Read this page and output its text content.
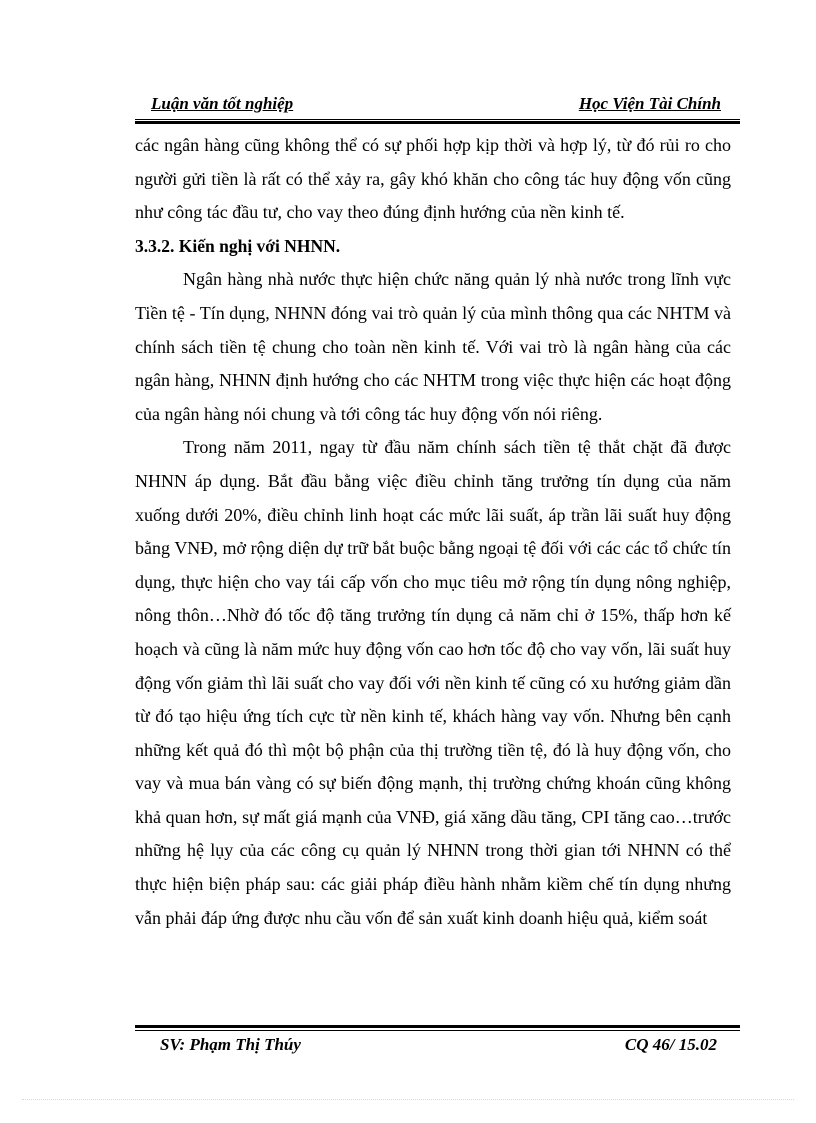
Luận văn tốt nghiệp	Học Viện Tài Chính

các ngân hàng cũng không thể có sự phối hợp kịp thời và hợp lý, từ đó rủi ro cho người gửi tiền là rất có thể xảy ra, gây khó khăn cho công tác huy động vốn cũng như công tác đầu tư, cho vay theo đúng định hướng của nền kinh tế.

3.3.2. Kiến nghị với NHNN.

Ngân hàng nhà nước thực hiện chức năng quản lý nhà nước trong lĩnh vực Tiền tệ - Tín dụng, NHNN đóng vai trò quản lý của mình thông qua các NHTM và chính sách tiền tệ chung cho toàn nền kinh tế. Với vai trò là ngân hàng của các ngân hàng, NHNN định hướng cho các NHTM trong việc thực hiện các hoạt động của ngân hàng nói chung và tới công tác huy động vốn nói riêng.

Trong năm 2011, ngay từ đầu năm chính sách tiền tệ thắt chặt đã được NHNN áp dụng. Bắt đầu bằng việc điều chỉnh tăng trưởng tín dụng của năm xuống dưới 20%, điều chỉnh linh hoạt các mức lãi suất, áp trần lãi suất huy động bằng VNĐ, mở rộng diện dự trữ bắt buộc bằng ngoại tệ đối với các các tổ chức tín dụng, thực hiện cho vay tái cấp vốn cho mục tiêu mở rộng tín dụng nông nghiệp, nông thôn…Nhờ đó tốc độ tăng trưởng tín dụng cả năm chỉ ở 15%, thấp hơn kế hoạch và cũng là năm mức huy động vốn cao hơn tốc độ cho vay vốn, lãi suất huy động vốn giảm thì lãi suất cho vay đối với nền kinh tế cũng có xu hướng giảm dần từ đó tạo hiệu ứng tích cực từ nền kinh tế, khách hàng vay vốn. Nhưng bên cạnh những kết quả đó thì một bộ phận của thị trường tiền tệ, đó là huy động vốn, cho vay và mua bán vàng có sự biến động mạnh, thị trường chứng khoán cũng không khả quan hơn, sự mất giá mạnh của VNĐ, giá xăng dầu tăng, CPI tăng cao…trước những hệ lụy của các công cụ quản lý NHNN trong thời gian tới NHNN có thể thực hiện biện pháp sau: các giải pháp điều hành nhằm kiềm chế tín dụng nhưng vẫn phải đáp ứng được nhu cầu vốn để sản xuất kinh doanh hiệu quả, kiểm soát

SV: Phạm Thị Thúy	CQ 46/ 15.02
